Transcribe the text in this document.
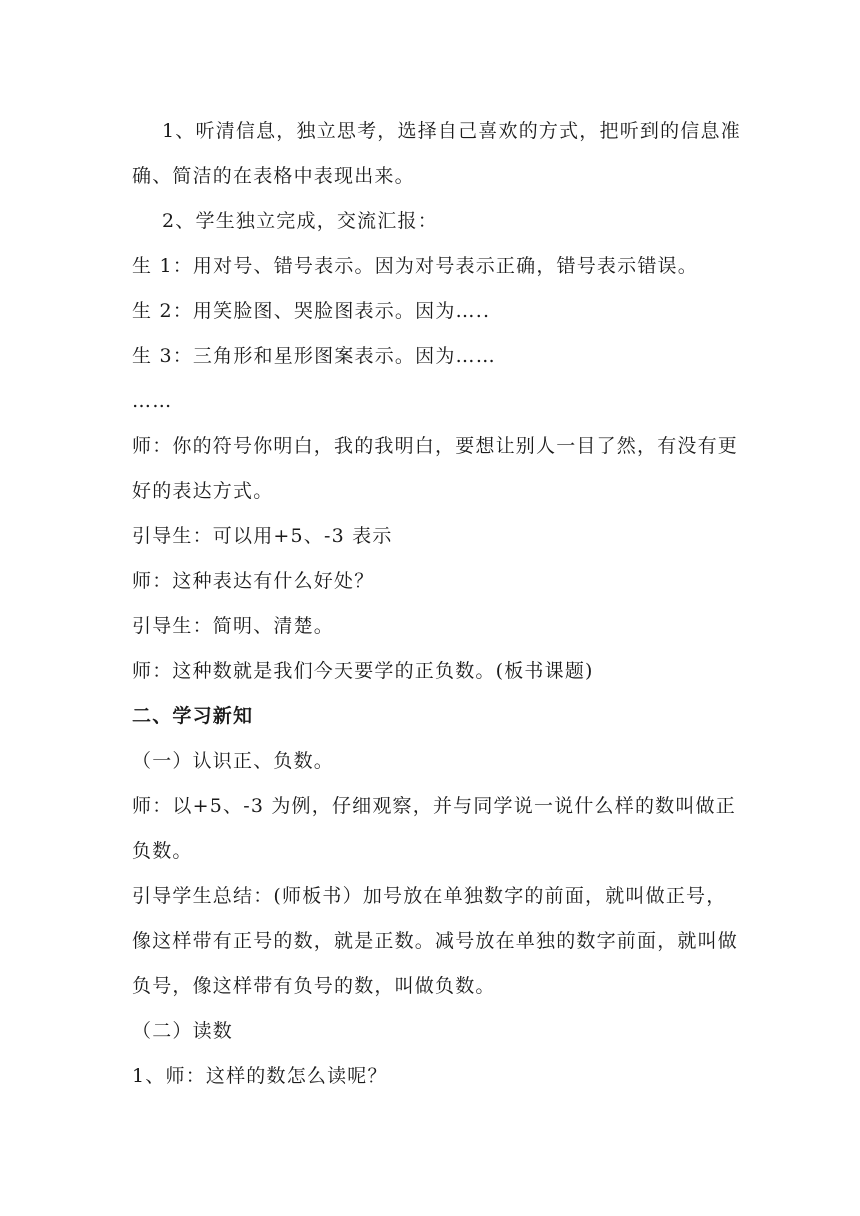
1、听清信息，独立思考，选择自己喜欢的方式，把听到的信息准
确、简洁的在表格中表现出来。
2、学生独立完成，交流汇报：
生 1：用对号、错号表示。因为对号表示正确，错号表示错误。
生 2：用笑脸图、哭脸图表示。因为…..
生 3：三角形和星形图案表示。因为……
……
师：你的符号你明白，我的我明白，要想让别人一目了然，有没有更
好的表达方式。
引导生：可以用+5、-3 表示
师：这种表达有什么好处？
引导生：简明、清楚。
师：这种数就是我们今天要学的正负数。(板书课题)
二、学习新知
（一）认识正、负数。
师：以+5、-3 为例，仔细观察，并与同学说一说什么样的数叫做正
负数。
引导学生总结：(师板书）加号放在单独数字的前面，就叫做正号，
像这样带有正号的数，就是正数。减号放在单独的数字前面，就叫做
负号，像这样带有负号的数，叫做负数。
（二）读数
1、师：这样的数怎么读呢？
